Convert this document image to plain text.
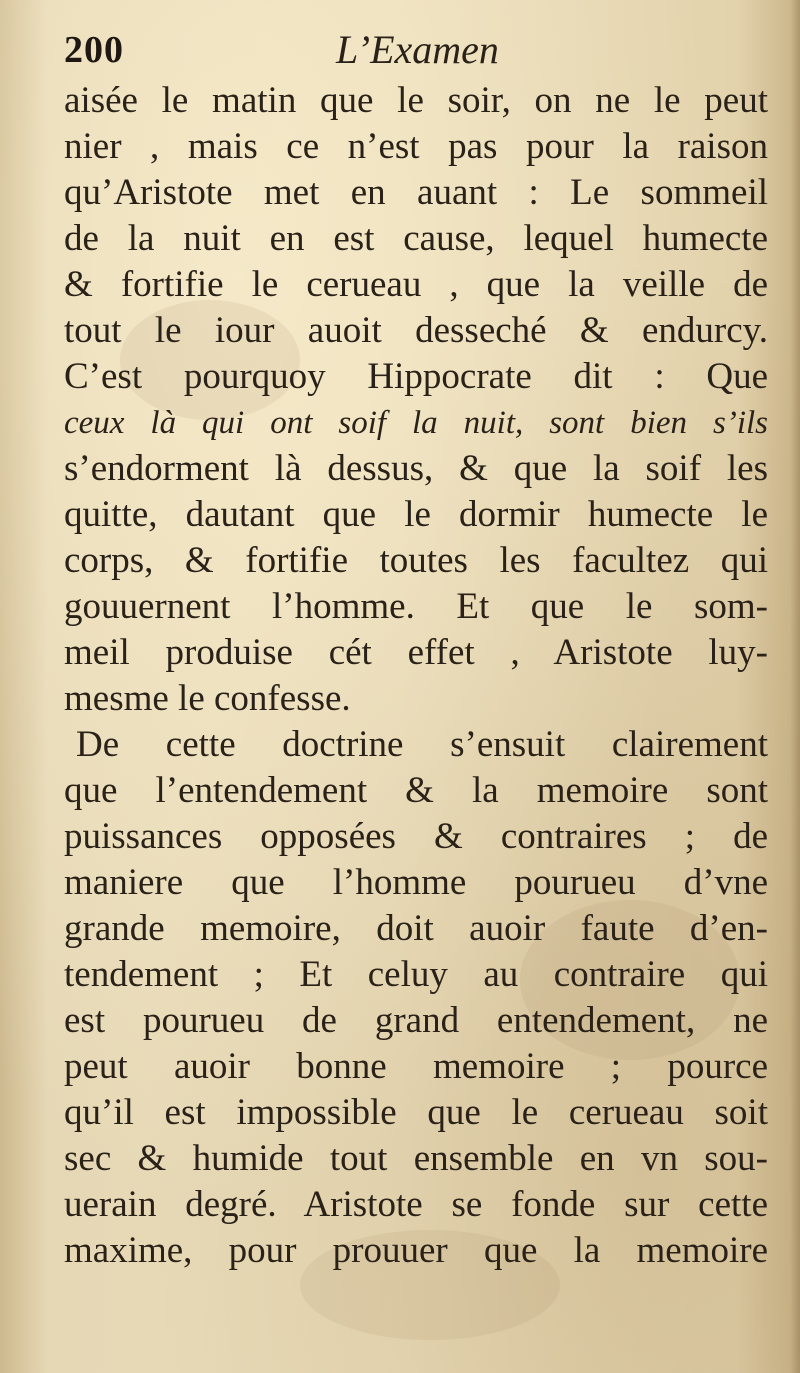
200	L’Examen
aisée le matin que le soir, on ne le peut
nier , mais ce n’est pas pour la raison
qu’Aristote met en auant : Le sommeil
de la nuit en est cause, lequel humecte
& fortifie le cerueau , que la veille de
tout le iour auoit desseché & endurcy.
C’est pourquoy Hippocrate dit : Que
ceux là qui ont soif la nuit, sont bien s’ils
s’endorment là dessus, & que la soif les
quitte, dautant que le dormir humecte le
corps, & fortifie toutes les facultez qui
gouuernent l’homme. Et que le som-
meil produise cét effet , Aristote luy-
mesme le confesse.
De cette doctrine s’ensuit clairement
que l’entendement & la memoire sont
puissances opposées & contraires ; de
maniere que l’homme pourueu d’vne
grande memoire, doit auoir faute d’en-
tendement ; Et celuy au contraire qui
est pourueu de grand entendement, ne
peut auoir bonne memoire ; pource
qu’il est impossible que le cerueau soit
sec & humide tout ensemble en vn sou-
uerain degré. Aristote se fonde sur cette
maxime, pour prouuer que la memoire
